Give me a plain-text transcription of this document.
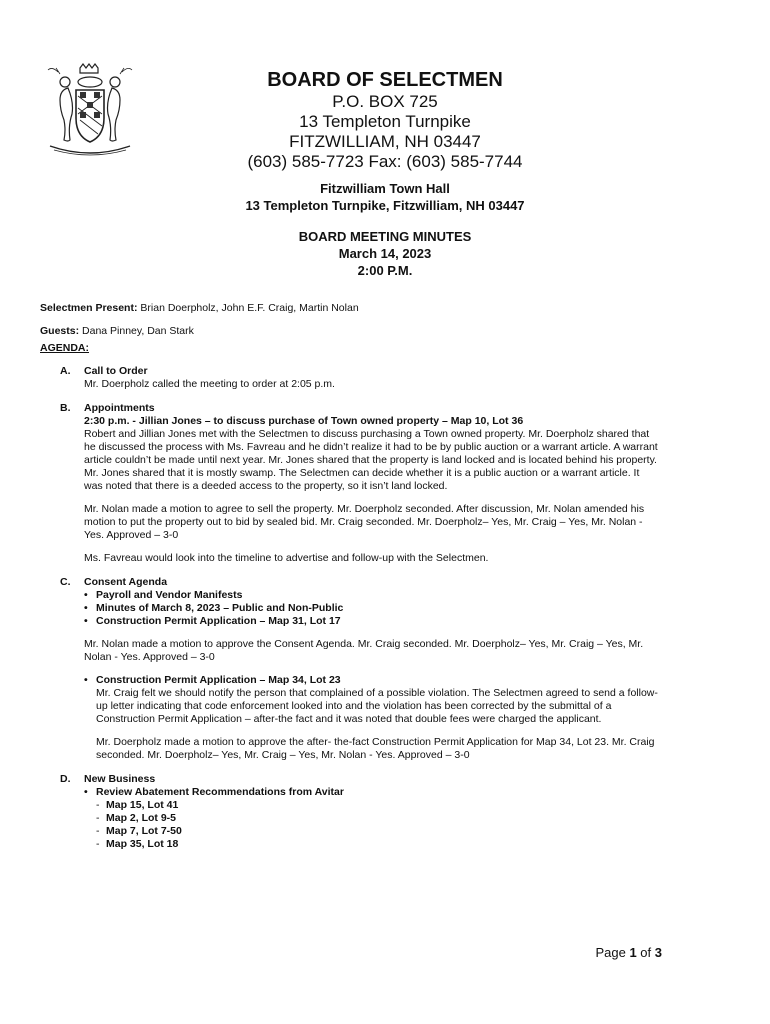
BOARD OF SELECTMEN
P.O. BOX 725
13 Templeton Turnpike
FITZWILLIAM, NH 03447
(603) 585-7723 Fax: (603) 585-7744
Fitzwilliam Town Hall
13 Templeton Turnpike, Fitzwilliam, NH 03447
BOARD MEETING MINUTES
March 14, 2023
2:00 P.M.
Selectmen Present: Brian Doerpholz, John E.F. Craig, Martin Nolan
Guests: Dana Pinney, Dan Stark
AGENDA:
A. Call to Order
Mr. Doerpholz called the meeting to order at 2:05 p.m.
B. Appointments
2:30 p.m. - Jillian Jones – to discuss purchase of Town owned property – Map 10, Lot 36

Robert and Jillian Jones met with the Selectmen to discuss purchasing a Town owned property. Mr. Doerpholz shared that he discussed the process with Ms. Favreau and he didn’t realize it had to be by public auction or a warrant article. A warrant article couldn’t be made until next year. Mr. Jones shared that the property is land locked and is located behind his property. Mr. Jones shared that it is mostly swamp. The Selectmen can decide whether it is a public auction or a warrant article. It was noted that there is a deeded access to the property, so it isn’t land locked.

Mr. Nolan made a motion to agree to sell the property. Mr. Doerpholz seconded. After discussion, Mr. Nolan amended his motion to put the property out to bid by sealed bid. Mr. Craig seconded. Mr. Doerpholz– Yes, Mr. Craig – Yes, Mr. Nolan - Yes. Approved – 3-0

Ms. Favreau would look into the timeline to advertise and follow-up with the Selectmen.

C. Consent Agenda
• Payroll and Vendor Manifests
• Minutes of March 8, 2023 – Public and Non-Public
• Construction Permit Application – Map 31, Lot 17

Mr. Nolan made a motion to approve the Consent Agenda. Mr. Craig seconded. Mr. Doerpholz– Yes, Mr. Craig – Yes, Mr. Nolan - Yes. Approved – 3-0

• Construction Permit Application – Map 34, Lot 23

Mr. Craig felt we should notify the person that complained of a possible violation. The Selectmen agreed to send a follow-up letter indicating that code enforcement looked into and the violation has been corrected by the submittal of a Construction Permit Application – after-the fact and it was noted that double fees were charged the applicant.

Mr. Doerpholz made a motion to approve the after- the-fact Construction Permit Application for Map 34, Lot 23. Mr. Craig seconded. Mr. Doerpholz– Yes, Mr. Craig – Yes, Mr. Nolan - Yes. Approved – 3-0

D. New Business
• Review Abatement Recommendations from Avitar
- Map 15, Lot 41
- Map 2, Lot 9-5
- Map 7, Lot 7-50
- Map 35, Lot 18
Page 1 of 3
